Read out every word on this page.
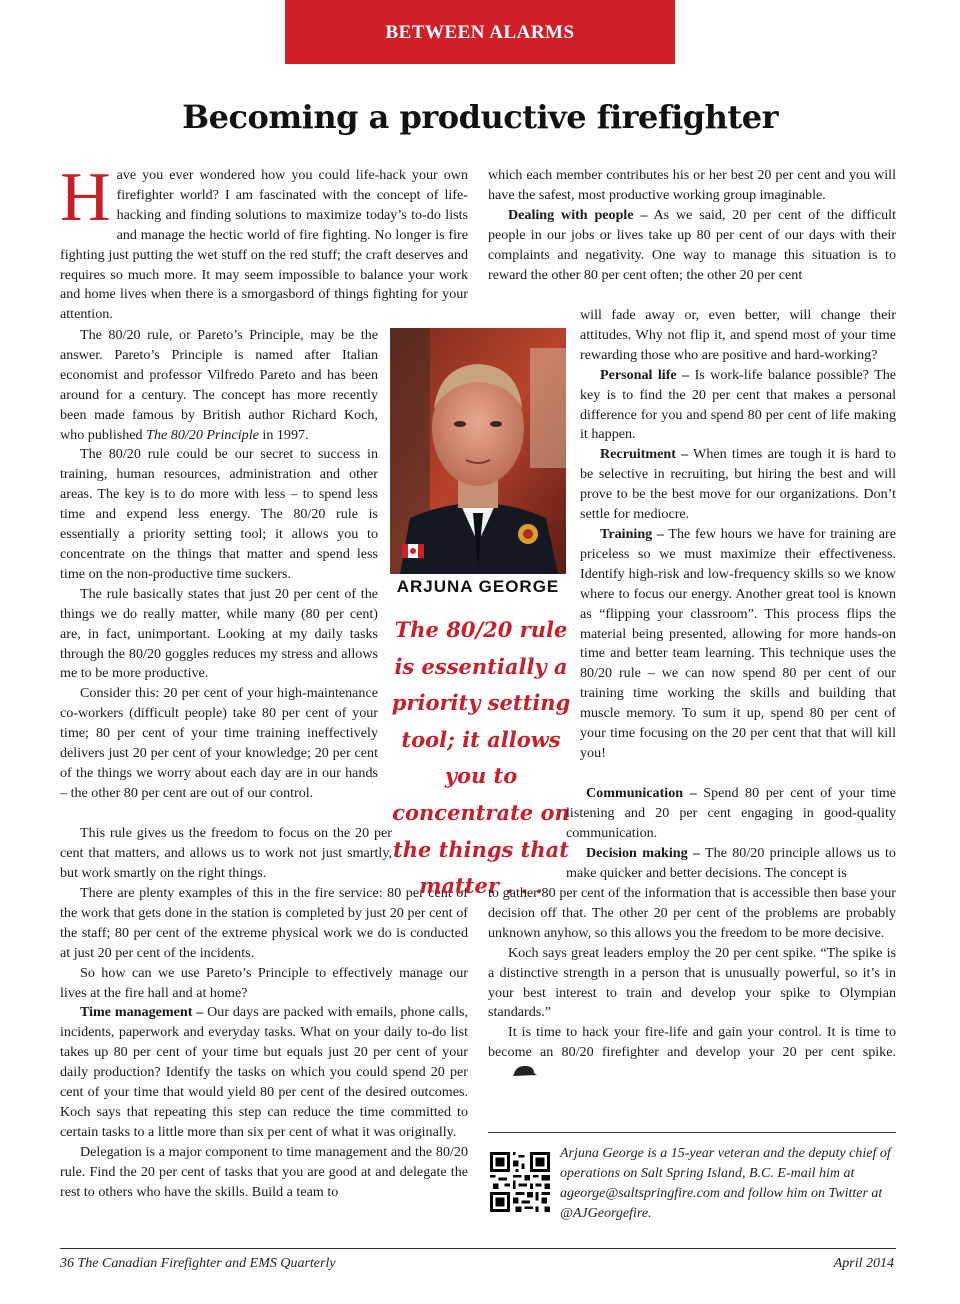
BETWEEN ALARMS
Becoming a productive firefighter

Have you ever wondered how you could life-hack your own firefighter world? I am fascinated with the concept of life-hacking and finding solutions to maximize today’s to-do lists and manage the hectic world of fire fighting. No longer is fire fighting just putting the wet stuff on the red stuff; the craft deserves and requires so much more. It may seem impossible to balance your work and home lives when there is a smorgasbord of things fighting for your attention.

The 80/20 rule, or Pareto’s Principle, may be the answer. Pareto’s Principle is named after Italian economist and professor Vilfredo Pareto and has been around for a century. The concept has more recently been made famous by British author Richard Koch, who published The 80/20 Principle in 1997.

The 80/20 rule could be our secret to success in training, human resources, administration and other areas. The key is to do more with less – to spend less time and expend less energy. The 80/20 rule is essentially a priority setting tool; it allows you to concentrate on the things that matter and spend less time on the non-productive time suckers.

The rule basically states that just 20 per cent of the things we do really matter, while many (80 per cent) are, in fact, unimportant. Looking at my daily tasks through the 80/20 goggles reduces my stress and allows me to be more productive.

Consider this: 20 per cent of your high-maintenance co-workers (difficult people) take 80 per cent of your time; 80 per cent of your time training ineffectively delivers just 20 per cent of your knowledge; 20 per cent of the things we worry about each day are in our hands – the other 80 per cent are out of our control.

This rule gives us the freedom to focus on the 20 per cent that matters, and allows us to work not just smartly, but work smartly on the right things.

There are plenty examples of this in the fire service: 80 per cent of the work that gets done in the station is completed by just 20 per cent of the staff; 80 per cent of the extreme physical work we do is conducted at just 20 per cent of the incidents.

So how can we use Pareto’s Principle to effectively manage our lives at the fire hall and at home?

Time management – Our days are packed with emails, phone calls, incidents, paperwork and everyday tasks. What on your daily to-do list takes up 80 per cent of your time but equals just 20 per cent of your daily production? Identify the tasks on which you could spend 20 per cent of your time that would yield 80 per cent of the desired outcomes. Koch says that repeating this step can reduce the time committed to certain tasks to a little more than six per cent of what it was originally.

Delegation is a major component to time management and the 80/20 rule. Find the 20 per cent of tasks that you are good at and delegate the rest to others who have the skills. Build a team to

ARJUNA GEORGE
The 80/20 rule is essentially a priority setting tool; it allows you to concentrate on the things that matter . . .

which each member contributes his or her best 20 per cent and you will have the safest, most productive working group imaginable.

Dealing with people – As we said, 20 per cent of the difficult people in our jobs or lives take up 80 per cent of our days with their complaints and negativity. One way to manage this situation is to reward the other 80 per cent often; the other 20 per cent

will fade away or, even better, will change their attitudes. Why not flip it, and spend most of your time rewarding those who are positive and hard-working?

Personal life – Is work-life balance possible? The key is to find the 20 per cent that makes a personal difference for you and spend 80 per cent of life making it happen.

Recruitment – When times are tough it is hard to be selective in recruiting, but hiring the best and will prove to be the best move for our organizations. Don’t settle for mediocre.

Training – The few hours we have for training are priceless so we must maximize their effectiveness. Identify high-risk and low-frequency skills so we know where to focus our energy. Another great tool is known as “flipping your classroom”. This process flips the material being presented, allowing for more hands-on time and better team learning. This technique uses the 80/20 rule – we can now spend 80 per cent of our training time working the skills and building that muscle memory. To sum it up, spend 80 per cent of your time focusing on the 20 per cent that that will kill you!

Communication – Spend 80 per cent of your time listening and 20 per cent engaging in good-quality communication.

Decision making – The 80/20 principle allows us to make quicker and better decisions. The concept is

to gather 80 per cent of the information that is accessible then base your decision off that. The other 20 per cent of the problems are probably unknown anyhow, so this allows you the freedom to be more decisive.

Koch says great leaders employ the 20 per cent spike. “The spike is a distinctive strength in a person that is unusually powerful, so it’s in your best interest to train and develop your spike to Olympian standards.”

It is time to hack your fire-life and gain your control. It is time to become an 80/20 firefighter and develop your 20 per cent spike.

Arjuna George is a 15-year veteran and the deputy chief of operations on Salt Spring Island, B.C. E-mail him at ageorge@saltspringfire.com and follow him on Twitter at @AJGeorgefire.
36 The Canadian Firefighter and EMS Quarterly	April 2014
